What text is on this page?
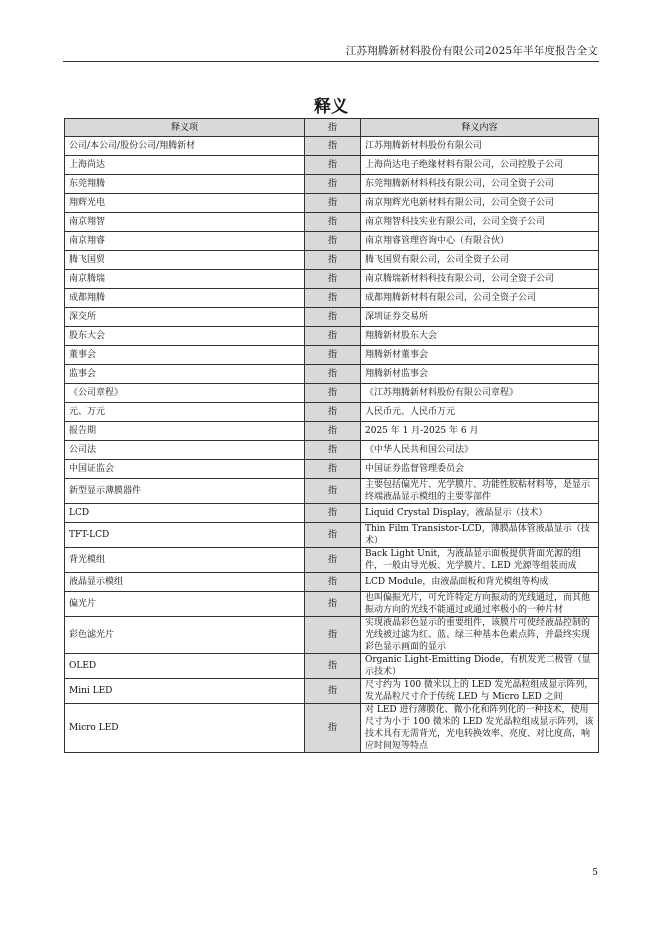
江苏翔腾新材料股份有限公司2025年半年度报告全文
释义
释义项	指	释义内容
公司/本公司/股份公司/翔腾新材	指	江苏翔腾新材料股份有限公司
上海尚达	指	上海尚达电子绝缘材料有限公司，公司控股子公司
东莞翔腾	指	东莞翔腾新材料科技有限公司，公司全资子公司
翔辉光电	指	南京翔辉光电新材料有限公司，公司全资子公司
南京翔智	指	南京翔智科技实业有限公司，公司全资子公司
南京翔睿	指	南京翔睿管理咨询中心（有限合伙）
腾飞国贸	指	腾飞国贸有限公司，公司全资子公司
南京腾瑞	指	南京腾瑞新材料科技有限公司，公司全资子公司
成都翔腾	指	成都翔腾新材料有限公司，公司全资子公司
深交所	指	深圳证券交易所
股东大会	指	翔腾新材股东大会
董事会	指	翔腾新材董事会
监事会	指	翔腾新材监事会
《公司章程》	指	《江苏翔腾新材料股份有限公司章程》
元、万元	指	人民币元、人民币万元
报告期	指	2025 年 1 月-2025 年 6 月
公司法	指	《中华人民共和国公司法》
中国证监会	指	中国证券监督管理委员会
新型显示薄膜器件	指	主要包括偏光片、光学膜片、功能性胶粘材料等，是显示终端液晶显示模组的主要零部件
LCD	指	Liquid Crystal Display，液晶显示（技术）
TFT-LCD	指	Thin Film Transistor-LCD，薄膜晶体管液晶显示（技术）
背光模组	指	Back Light Unit，为液晶显示面板提供背面光源的组件，一般由导光板、光学膜片、LED 光源等组装而成
液晶显示模组	指	LCD Module，由液晶面板和背光模组等构成
偏光片	指	也叫偏振光片，可允许特定方向振动的光线通过，而其他振动方向的光线不能通过或通过率极小的一种片材
彩色滤光片	指	实现液晶彩色显示的重要组件，该膜片可使经液晶控制的光线被过滤为红、蓝、绿三种基本色素点阵，并最终实现彩色显示画面的显示
OLED	指	Organic Light-Emitting Diode，有机发光二极管（显示技术）
Mini LED	指	尺寸约为 100 微米以上的 LED 发光晶粒组成显示阵列，发光晶粒尺寸介于传统 LED 与 Micro LED 之间
Micro LED	指	对 LED 进行薄膜化、微小化和阵列化的一种技术，使用尺寸为小于 100 微米的 LED 发光晶粒组成显示阵列，该技术具有无需背光，光电转换效率、亮度、对比度高，响应时间短等特点
5
